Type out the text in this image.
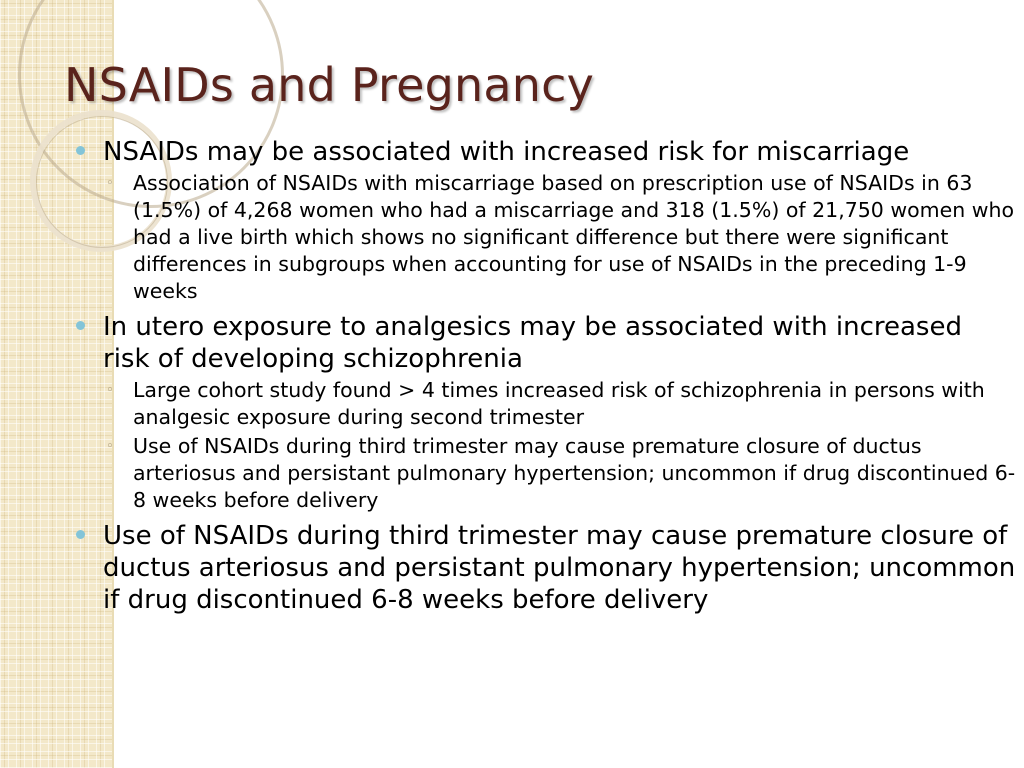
NSAIDs and Pregnancy

NSAIDs may be associated with increased risk for miscarriage

◦ Association of NSAIDs with miscarriage based on prescription use of NSAIDs in 63 (1.5%) of 4,268 women who had a miscarriage and 318 (1.5%) of 21,750 women who had a live birth which shows no significant difference but there were significant differences in subgroups when accounting for use of NSAIDs in the preceding 1-9 weeks

In utero exposure to analgesics may be associated with increased risk of developing schizophrenia

◦ Large cohort study found > 4 times increased risk of schizophrenia in persons with analgesic exposure during second trimester

◦ Use of NSAIDs during third trimester may cause premature closure of ductus arteriosus and persistant pulmonary hypertension; uncommon if drug discontinued 6-8 weeks before delivery

Use of NSAIDs during third trimester may cause premature closure of ductus arteriosus and persistant pulmonary hypertension; uncommon if drug discontinued 6-8 weeks before delivery
